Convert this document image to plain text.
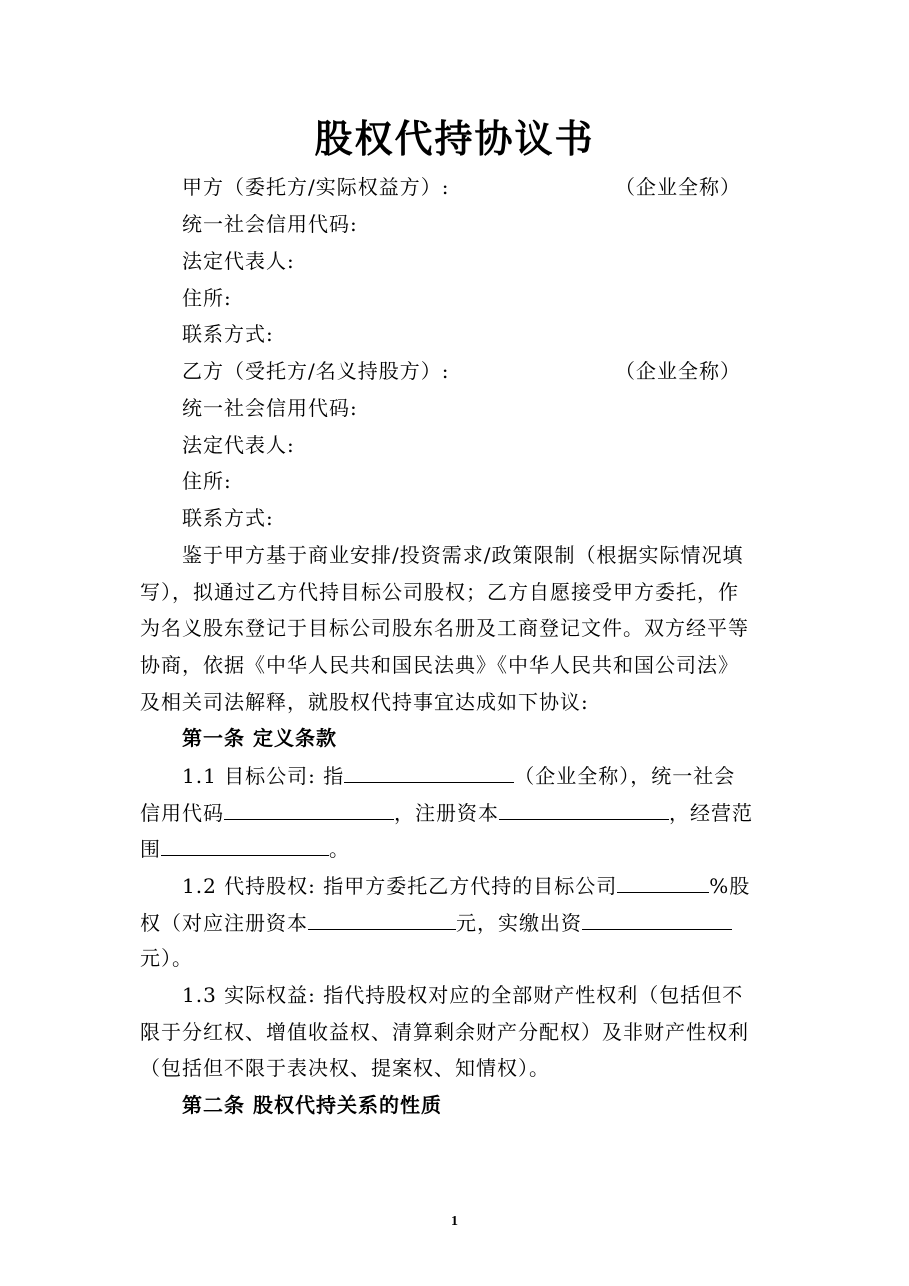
股权代持协议书
甲方（委托方/实际权益方）:	（企业全称）
统一社会信用代码:
法定代表人:
住所:
联系方式:
乙方（受托方/名义持股方）:	（企业全称）
统一社会信用代码:
法定代表人:
住所:
联系方式:
鉴于甲方基于商业安排/投资需求/政策限制（根据实际情况填
写），拟通过乙方代持目标公司股权；乙方自愿接受甲方委托，作
为名义股东登记于目标公司股东名册及工商登记文件。双方经平等
协商，依据《中华人民共和国民法典》《中华人民共和国公司法》
及相关司法解释，就股权代持事宜达成如下协议:
第一条 定义条款
1.1 目标公司: 指	（企业全称），统一社会
信用代码	，注册资本	，经营范
围	。
1.2 代持股权: 指甲方委托乙方代持的目标公司	%股
权（对应注册资本	元，实缴出资
元）。
1.3 实际权益: 指代持股权对应的全部财产性权利（包括但不
限于分红权、增值收益权、清算剩余财产分配权）及非财产性权利
（包括但不限于表决权、提案权、知情权）。
第二条 股权代持关系的性质
1
